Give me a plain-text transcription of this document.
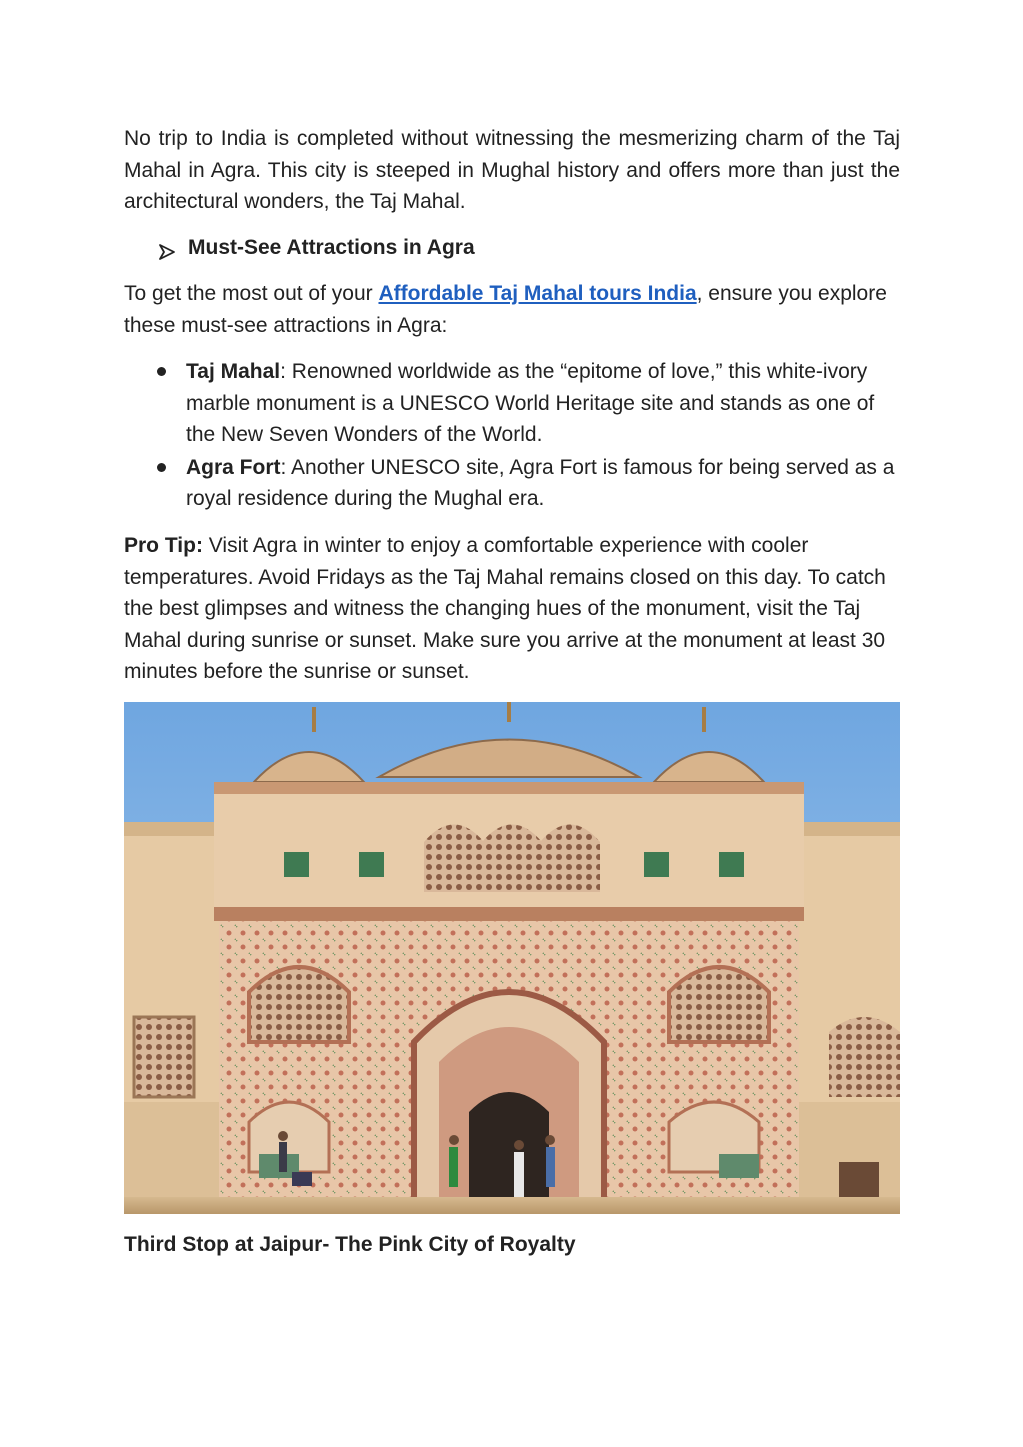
No trip to India is completed without witnessing the mesmerizing charm of the Taj Mahal in Agra. This city is steeped in Mughal history and offers more than just the architectural wonders, the Taj Mahal.

Must-See Attractions in Agra

To get the most out of your Affordable Taj Mahal tours India, ensure you explore these must-see attractions in Agra:

Taj Mahal: Renowned worldwide as the “epitome of love,” this white-ivory marble monument is a UNESCO World Heritage site and stands as one of the New Seven Wonders of the World.
Agra Fort: Another UNESCO site, Agra Fort is famous for being served as a royal residence during the Mughal era.

Pro Tip: Visit Agra in winter to enjoy a comfortable experience with cooler temperatures. Avoid Fridays as the Taj Mahal remains closed on this day. To catch the best glimpses and witness the changing hues of the monument, visit the Taj Mahal during sunrise or sunset. Make sure you arrive at the monument at least 30 minutes before the sunrise or sunset.

Third Stop at Jaipur- The Pink City of Royalty
